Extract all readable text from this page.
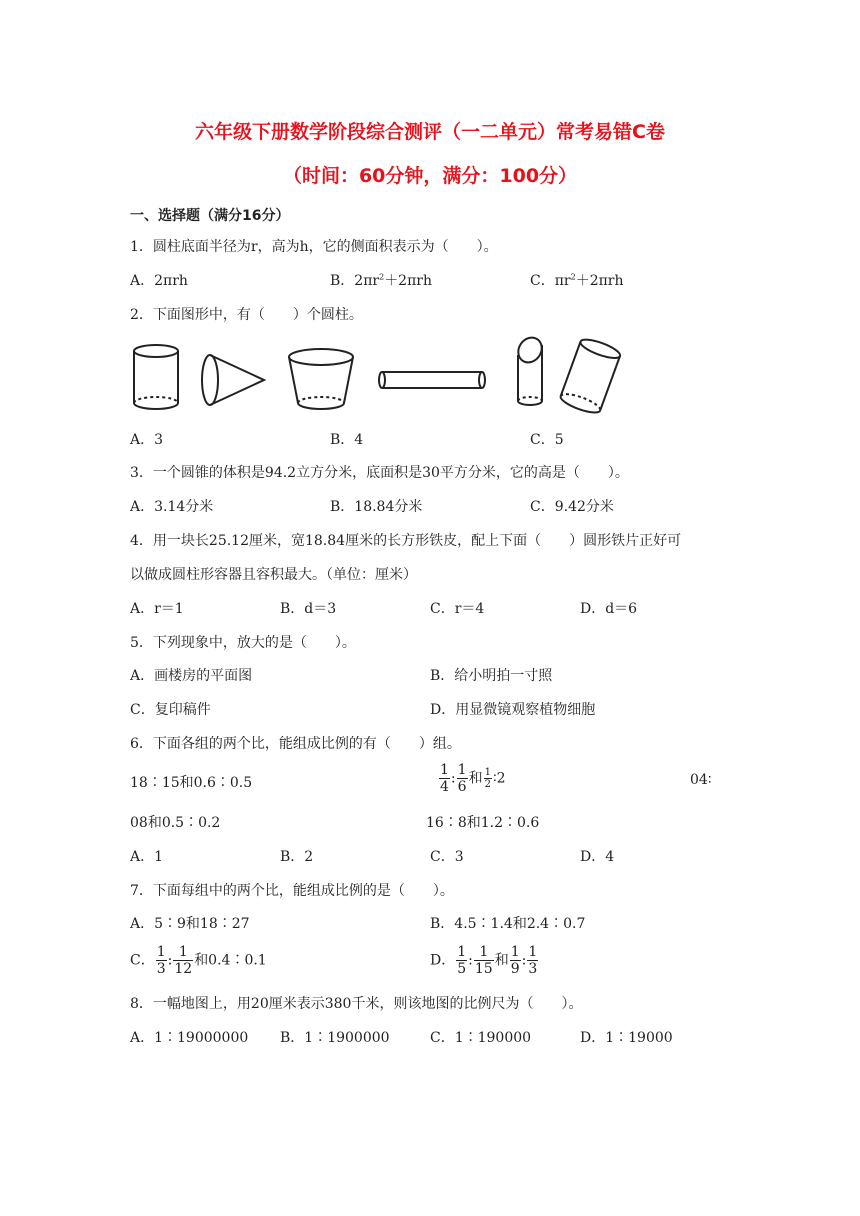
六年级下册数学阶段综合测评（一二单元）常考易错C卷
（时间：60分钟，满分：100分）
一、选择题（满分16分）
1．圆柱底面半径为r，高为h，它的侧面积表示为（　　）。
A．2πrh	B．$2\pi r^2+2\pi rh$	C．$\pi r^2+2\pi rh$
2．下面图形中，有（　　）个圆柱。
A．3	B．4	C．5
3．一个圆锥的体积是94.2立方分米，底面积是30平方分米，它的高是（　　）。
A．3.14分米	B．18.84分米	C．9.42分米
4．用一块长25.12厘米，宽18.84厘米的长方形铁皮，配上下面（　　）圆形铁片正好可
以做成圆柱形容器且容积最大。（单位：厘米）
A．r＝1	B．d＝3	C．r＝4	D．d＝6
5．下列现象中，放大的是（　　）。
A．画楼房的平面图	B．给小明拍一寸照
C．复印稿件	D．用显微镜观察植物细胞
6．下面各组的两个比，能组成比例的有（　　）组。
18∶15和0.6∶0.5	$\frac{1}{4}$ : $\frac{1}{6}$ 和 $\frac{1}{2}$ ∶2	04∶
08和0.5∶0.2	16∶8和1.2∶0.6
A．1	B．2	C．3	D．4
7．下面每组中的两个比，能组成比例的是（　　）。
A．5∶9和18∶27	B．4.5∶1.4和2.4∶0.7
C． $\frac{1}{3}$ : $\frac{1}{12}$ 和0.4∶0.1	D． $\frac{1}{5}$ : $\frac{1}{15}$ 和 $\frac{1}{9}$ : $\frac{1}{3}$
8．一幅地图上，用20厘米表示380千米，则该地图的比例尺为（　　）。
A．1∶19000000 B．1∶1900000	C．1∶190000	D．1∶19000
